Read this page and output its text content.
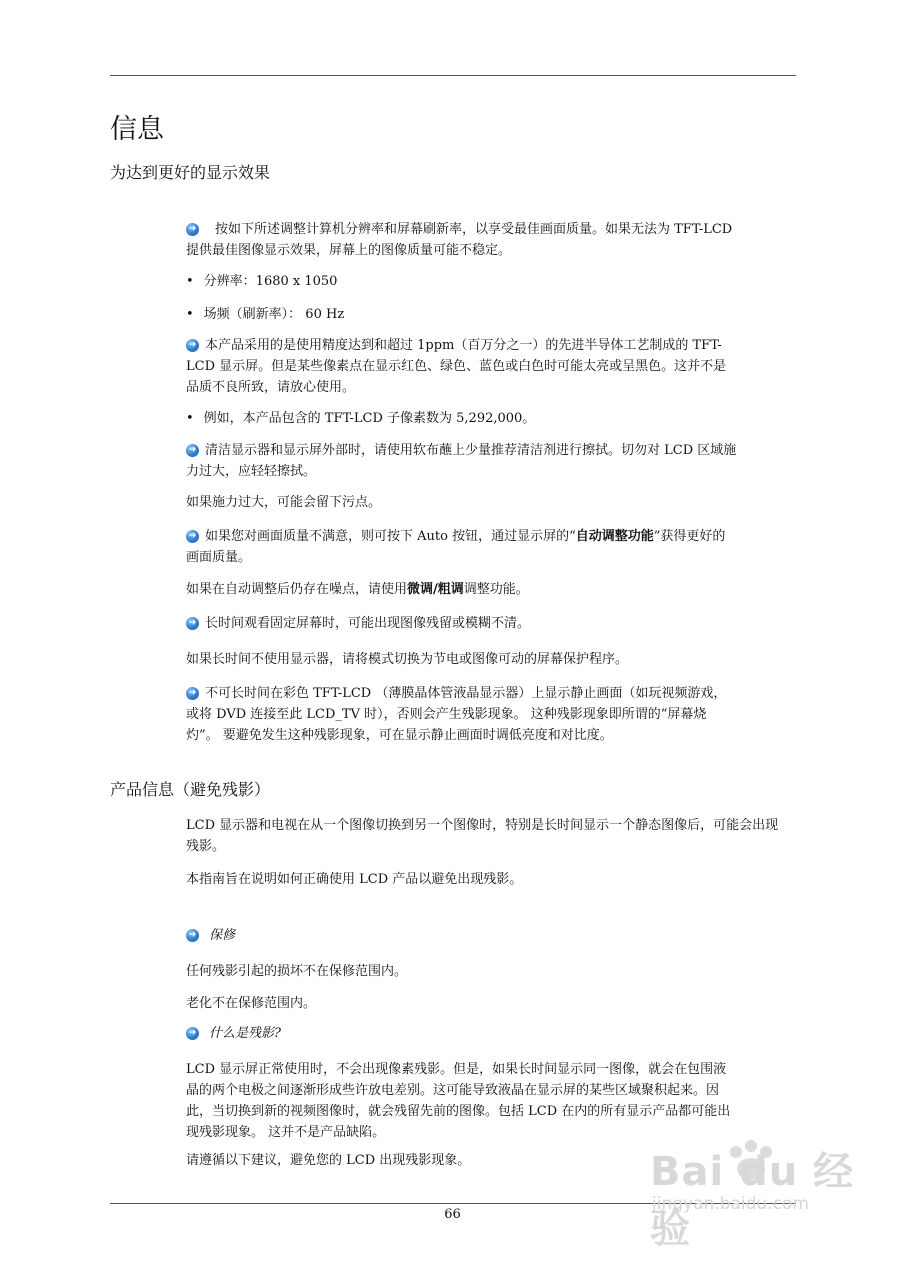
信息
为达到更好的显示效果

➜ 按如下所述调整计算机分辨率和屏幕刷新率，以享受最佳画面质量。如果无法为 TFT-LCD 提供最佳图像显示效果，屏幕上的图像质量可能不稳定。

• 分辨率：1680 x 1050

• 场频（刷新率）： 60 Hz

➜ 本产品采用的是使用精度达到和超过 1ppm（百万分之一）的先进半导体工艺制成的 TFT-LCD 显示屏。但是某些像素点在显示红色、绿色、蓝色或白色时可能太亮或呈黑色。这并不是品质不良所致，请放心使用。

• 例如，本产品包含的 TFT-LCD 子像素数为 5,292,000。

➜ 清洁显示器和显示屏外部时，请使用软布蘸上少量推荐清洁剂进行擦拭。切勿对 LCD 区域施力过大，应轻轻擦拭。

如果施力过大，可能会留下污点。

➜ 如果您对画面质量不满意，则可按下 Auto 按钮，通过显示屏的“自动调整功能”获得更好的画面质量。

如果在自动调整后仍存在噪点，请使用微调/粗调调整功能。

➜ 长时间观看固定屏幕时，可能出现图像残留或模糊不清。

如果长时间不使用显示器，请将模式切换为节电或图像可动的屏幕保护程序。

➜ 不可长时间在彩色 TFT-LCD （薄膜晶体管液晶显示器）上显示静止画面（如玩视频游戏，或将 DVD 连接至此 LCD_TV 时），否则会产生残影现象。 这种残影现象即所谓的“屏幕烧灼”。 要避免发生这种残影现象，可在显示静止画面时调低亮度和对比度。

产品信息（避免残影）

LCD 显示器和电视在从一个图像切换到另一个图像时，特别是长时间显示一个静态图像后，可能会出现残影。

本指南旨在说明如何正确使用 LCD 产品以避免出现残影。

➜ 保修

任何残影引起的损坏不在保修范围内。

老化不在保修范围内。

➜ 什么是残影?

LCD 显示屏正常使用时，不会出现像素残影。但是，如果长时间显示同一图像，就会在包围液晶的两个电极之间逐渐形成些许放电差别。这可能导致液晶在显示屏的某些区域聚积起来。因此，当切换到新的视频图像时，就会残留先前的图像。包括 LCD 在内的所有显示产品都可能出现残影现象。 这并不是产品缺陷。

请遵循以下建议，避免您的 LCD 出现残影现象。

66
Bai du 经验
jingyan.baidu.com
